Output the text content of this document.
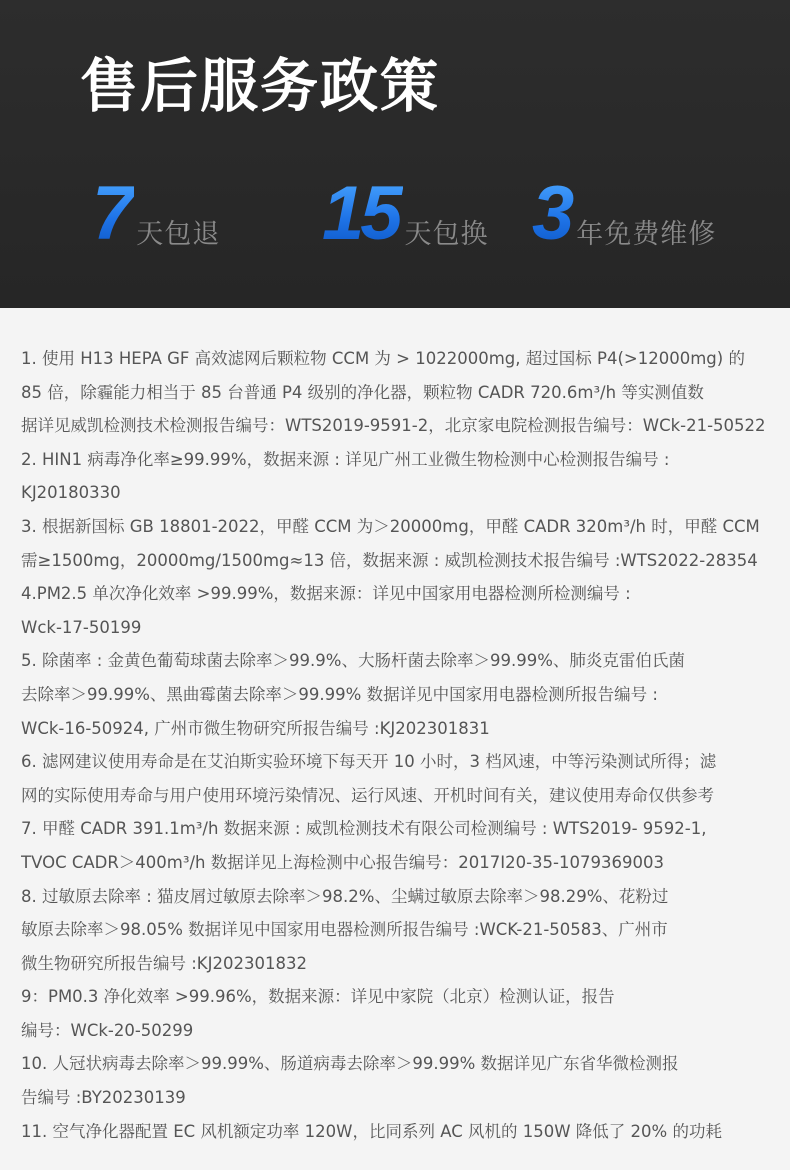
售后服务政策
7 天包退 15 天包换 3 年免费维修
1. 使用 H13 HEPA GF 高效滤网后颗粒物 CCM 为 > 1022000mg, 超过国标 P4(>12000mg) 的
85 倍，除霾能力相当于 85 台普通 P4 级别的净化器，颗粒物 CADR 720.6m³/h 等实测值数
据详见威凯检测技术检测报告编号：WTS2019-9591-2，北京家电院检测报告编号：WCk-21-50522
2. HIN1 病毒净化率≥99.99%，数据来源 : 详见广州工业微生物检测中心检测报告编号 :
KJ20180330
3. 根据新国标 GB 18801-2022，甲醛 CCM 为＞20000mg，甲醛 CADR 320m³/h 时，甲醛 CCM
需≥1500mg，20000mg/1500mg≈13 倍，数据来源 : 威凯检测技术报告编号 :WTS2022-28354
4.PM2.5 单次净化效率 >99.99%，数据来源：详见中国家用电器检测所检测编号 :
Wck-17-50199
5. 除菌率 : 金黄色葡萄球菌去除率＞99.9%、大肠杆菌去除率＞99.99%、肺炎克雷伯氏菌
去除率＞99.99%、黑曲霉菌去除率＞99.99% 数据详见中国家用电器检测所报告编号 :
WCk-16-50924, 广州市微生物研究所报告编号 :KJ202301831
6. 滤网建议使用寿命是在艾泊斯实验环境下每天开 10 小时，3 档风速，中等污染测试所得；滤
网的实际使用寿命与用户使用环境污染情况、运行风速、开机时间有关，建议使用寿命仅供参考
7. 甲醛 CADR 391.1m³/h 数据来源 : 威凯检测技术有限公司检测编号 : WTS2019- 9592-1,
TVOC CADR＞400m³/h 数据详见上海检测中心报告编号：2017I20-35-1079369003
8. 过敏原去除率 : 猫皮屑过敏原去除率＞98.2%、尘螨过敏原去除率＞98.29%、花粉过
敏原去除率＞98.05% 数据详见中国家用电器检测所报告编号 :WCK-21-50583、广州市
微生物研究所报告编号 :KJ202301832
9：PM0.3 净化效率 >99.96%，数据来源：详见中家院（北京）检测认证，报告
编号：WCk-20-50299
10. 人冠状病毒去除率＞99.99%、肠道病毒去除率＞99.99% 数据详见广东省华微检测报
告编号 :BY20230139
11. 空气净化器配置 EC 风机额定功率 120W，比同系列 AC 风机的 150W 降低了 20% 的功耗
